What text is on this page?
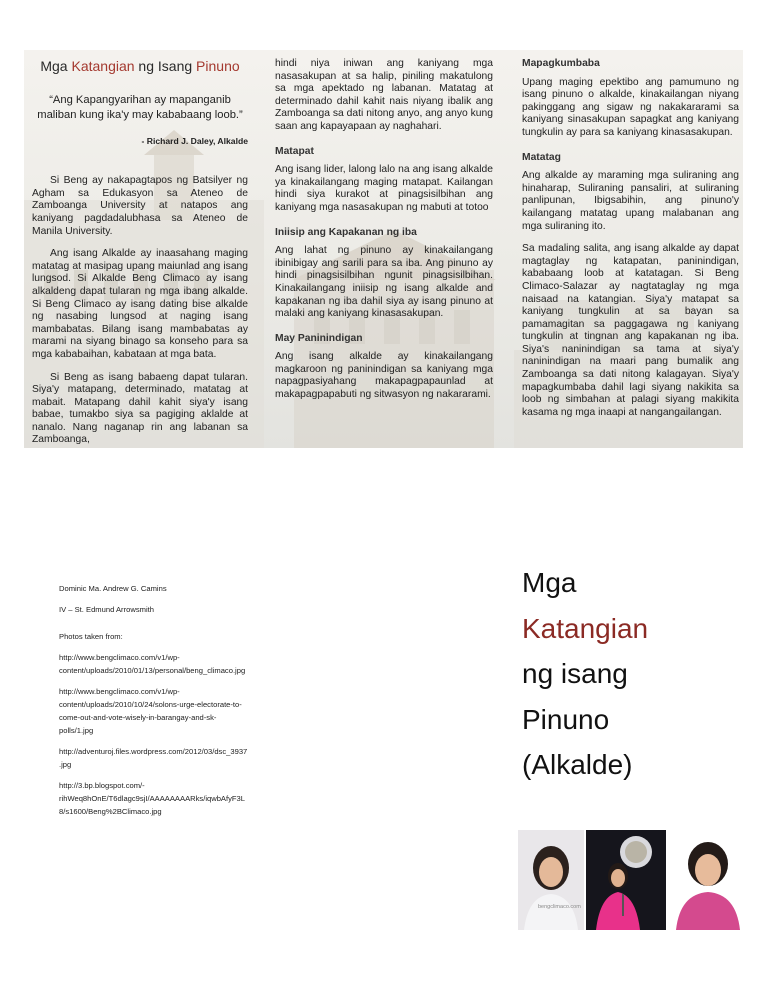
Mga Katangian ng Isang Pinuno
“Ang Kapangyarihan ay mapanganib maliban kung ika'y may kababaang loob.”
- Richard J. Daley, Alkalde

Si Beng ay nakapagtapos ng Batsilyer ng Agham sa Edukasyon sa Ateneo de Zamboanga University at natapos ang kaniyang pagdadalubhasa sa Ateneo de Manila University.

Ang isang Alkalde ay inaasahang maging matatag at masipag upang maiunlad ang isang lungsod. Si Alkalde Beng Climaco ay isang alkaldeng dapat tularan ng mga ibang alkalde. Si Beng Climaco ay isang dating bise alkalde ng nasabing lungsod at naging isang mambabatas. Bilang isang mambabatas ay marami na siyang binago sa konseho para sa mga kababaihan, kabataan at mga bata.

Si Beng as isang babaeng dapat tularan. Siya'y matapang, determinado, matatag at mabait. Matapang dahil kahit siya'y isang babae, tumakbo siya sa pagiging aklalde at nanalo. Nang naganap rin ang labanan sa Zamboanga,

hindi niya iniwan ang kaniyang mga nasasakupan at sa halip, piniling makatulong sa mga apektado ng labanan. Matatag at determinado dahil kahit nais niyang ibalik ang Zamboanga sa dati nitong anyo, ang anyo kung saan ang kapayapaan ay naghahari.

Matapat

Ang isang lider, lalong lalo na ang isang alkalde ya kinakailangang maging matapat. Kailangan hindi siya kurakot at pinagsisilbihan ang kaniyang mga nasasakupan ng mabuti at totoo

Iniisip ang Kapakanan ng iba

Ang lahat ng pinuno ay kinakailangang ibinibigay ang sarili para sa iba. Ang pinuno ay hindi pinagsisilbihan ngunit pinagsisilbihan. Kinakailangang iniisip ng isang alkalde and kapakanan ng iba dahil siya ay isang pinuno at malaki ang kaniyang kinasasakupan.

May Paninindigan

Ang isang alkalde ay kinakailangang magkaroon ng paninindigan sa kaniyang mga napagpasiyahang makapagpapaunlad at makapagpapabuti ng sitwasyon ng nakararami.

Mapagkumbaba

Upang maging epektibo ang pamumuno ng isang pinuno o alkalde, kinakailangan niyang pakinggang ang sigaw ng nakakararami sa kaniyang sinasakupan sapagkat ang kaniyang tungkulin ay para sa kaniyang kinasasakupan.

Matatag

Ang alkalde ay maraming mga suliraning ang hinaharap, Suliraning pansaliri, at suliraning panlipunan, Ibigsabihin, ang pinuno'y kailangang matatag upang malabanan ang mga suliraning ito.

Sa madaling salita, ang isang alkalde ay dapat magtaglay ng katapatan, paninindigan, kababaang loob at katatagan. Si Beng Climaco-Salazar ay nagtataglay ng mga naisaad na katangian. Siya'y matapat sa kaniyang tungkulin at sa bayan sa pamamagitan sa paggagawa ng kaniyang tungkulin at tingnan ang kapakanan ng iba. Siya's naninindigan sa tama at siya'y naninindigan na maari pang bumalik ang Zamboanga sa dati nitong kalagayan. Siya'y mapagkumbaba dahil lagi siyang nakikita sa loob ng simbahan at palagi siyang makikita kasama ng mga inaapi at nangangailangan.

Dominic Ma. Andrew G. Camins
IV – St. Edmund Arrowsmith
Photos taken from:
http://www.bengclimaco.com/v1/wp-content/uploads/2010/01/13/personal/beng_climaco.jpg
http://www.bengclimaco.com/v1/wp-content/uploads/2010/10/24/solons-urge-electorate-to-come-out-and-vote-wisely-in-barangay-and-sk-polls/1.jpg
http://adventuroj.files.wordpress.com/2012/03/dsc_3937.jpg
http://3.bp.blogspot.com/-rihWeq8hOnE/T6dlagc9sjI/AAAAAAAARks/iqwbAfyF3L8/s1600/Beng%2BClimaco.jpg
Mga
Katangian
ng isang
Pinuno
(Alkalde)
bengclimaco.com
